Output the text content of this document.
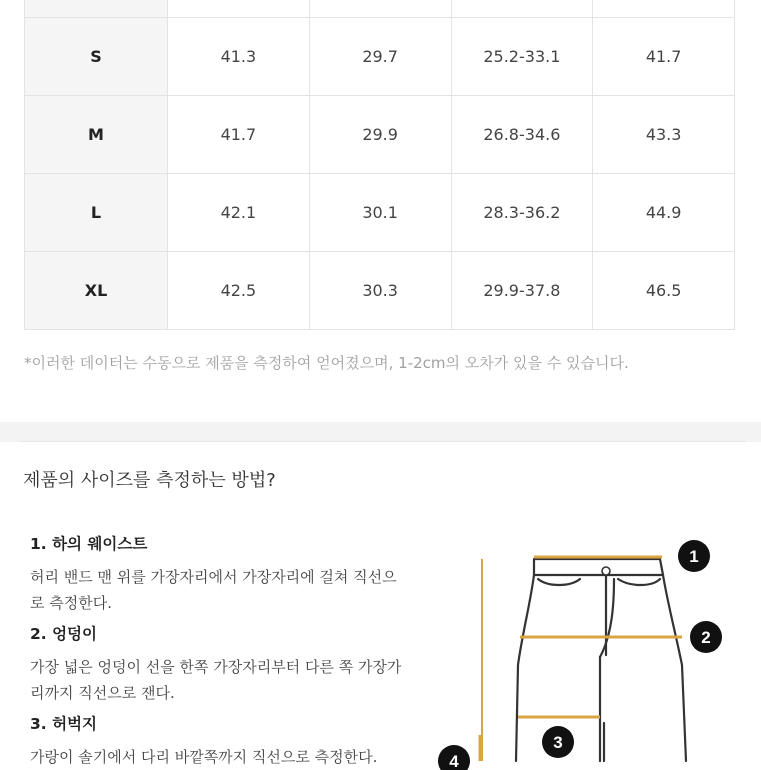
S	41.3	29.7	25.2-33.1	41.7
M	41.7	29.9	26.8-34.6	43.3
L	42.1	30.1	28.3-36.2	44.9
XL	42.5	30.3	29.9-37.8	46.5
*이러한 데이터는 수동으로 제품을 측정하여 얻어졌으며, 1-2cm의 오차가 있을 수 있습니다.
제품의 사이즈를 측정하는 방법?
1. 하의 웨이스트
허리 밴드 맨 위를 가장자리에서 가장자리에 걸쳐 직선으로 측정한다.
2. 엉덩이
가장 넓은 엉덩이 선을 한쪽 가장자리부터 다른 쪽 가장가리까지 직선으로 잰다.
3. 허벅지
가랑이 솔기에서 다리 바깥쪽까지 직선으로 측정한다.
1
2
3
4
